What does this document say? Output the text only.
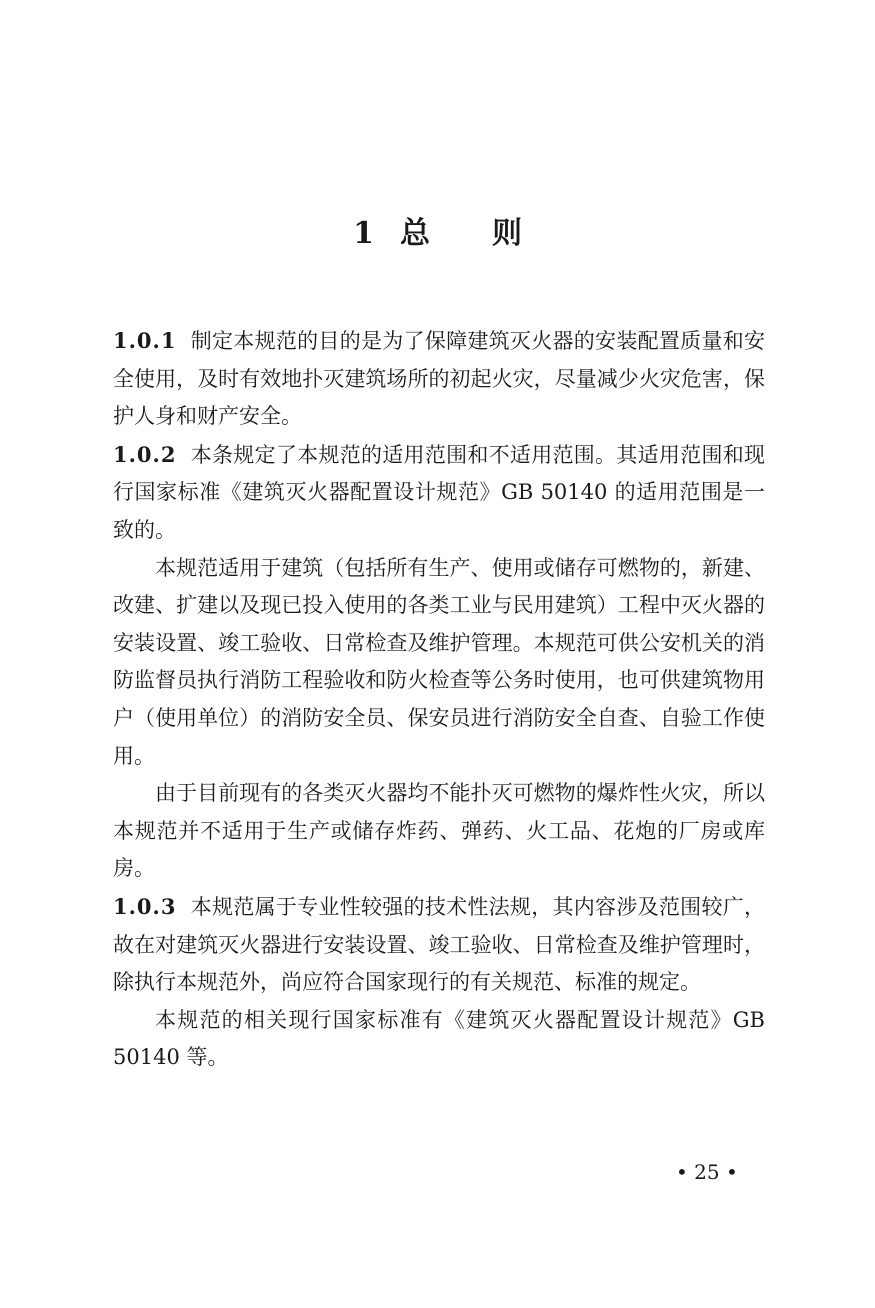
1 总 则

1.0.1 制定本规范的目的是为了保障建筑灭火器的安装配置质量和安全使用，及时有效地扑灭建筑场所的初起火灾，尽量减少火灾危害，保护人身和财产安全。

1.0.2 本条规定了本规范的适用范围和不适用范围。其适用范围和现行国家标准《建筑灭火器配置设计规范》GB 50140 的适用范围是一致的。

本规范适用于建筑（包括所有生产、使用或储存可燃物的，新建、改建、扩建以及现已投入使用的各类工业与民用建筑）工程中灭火器的安装设置、竣工验收、日常检查及维护管理。本规范可供公安机关的消防监督员执行消防工程验收和防火检查等公务时使用，也可供建筑物用户（使用单位）的消防安全员、保安员进行消防安全自查、自验工作使用。

由于目前现有的各类灭火器均不能扑灭可燃物的爆炸性火灾，所以本规范并不适用于生产或储存炸药、弹药、火工品、花炮的厂房或库房。

1.0.3 本规范属于专业性较强的技术性法规，其内容涉及范围较广，故在对建筑灭火器进行安装设置、竣工验收、日常检查及维护管理时，除执行本规范外，尚应符合国家现行的有关规范、标准的规定。

本规范的相关现行国家标准有《建筑灭火器配置设计规范》GB 50140 等。

• 25 •
